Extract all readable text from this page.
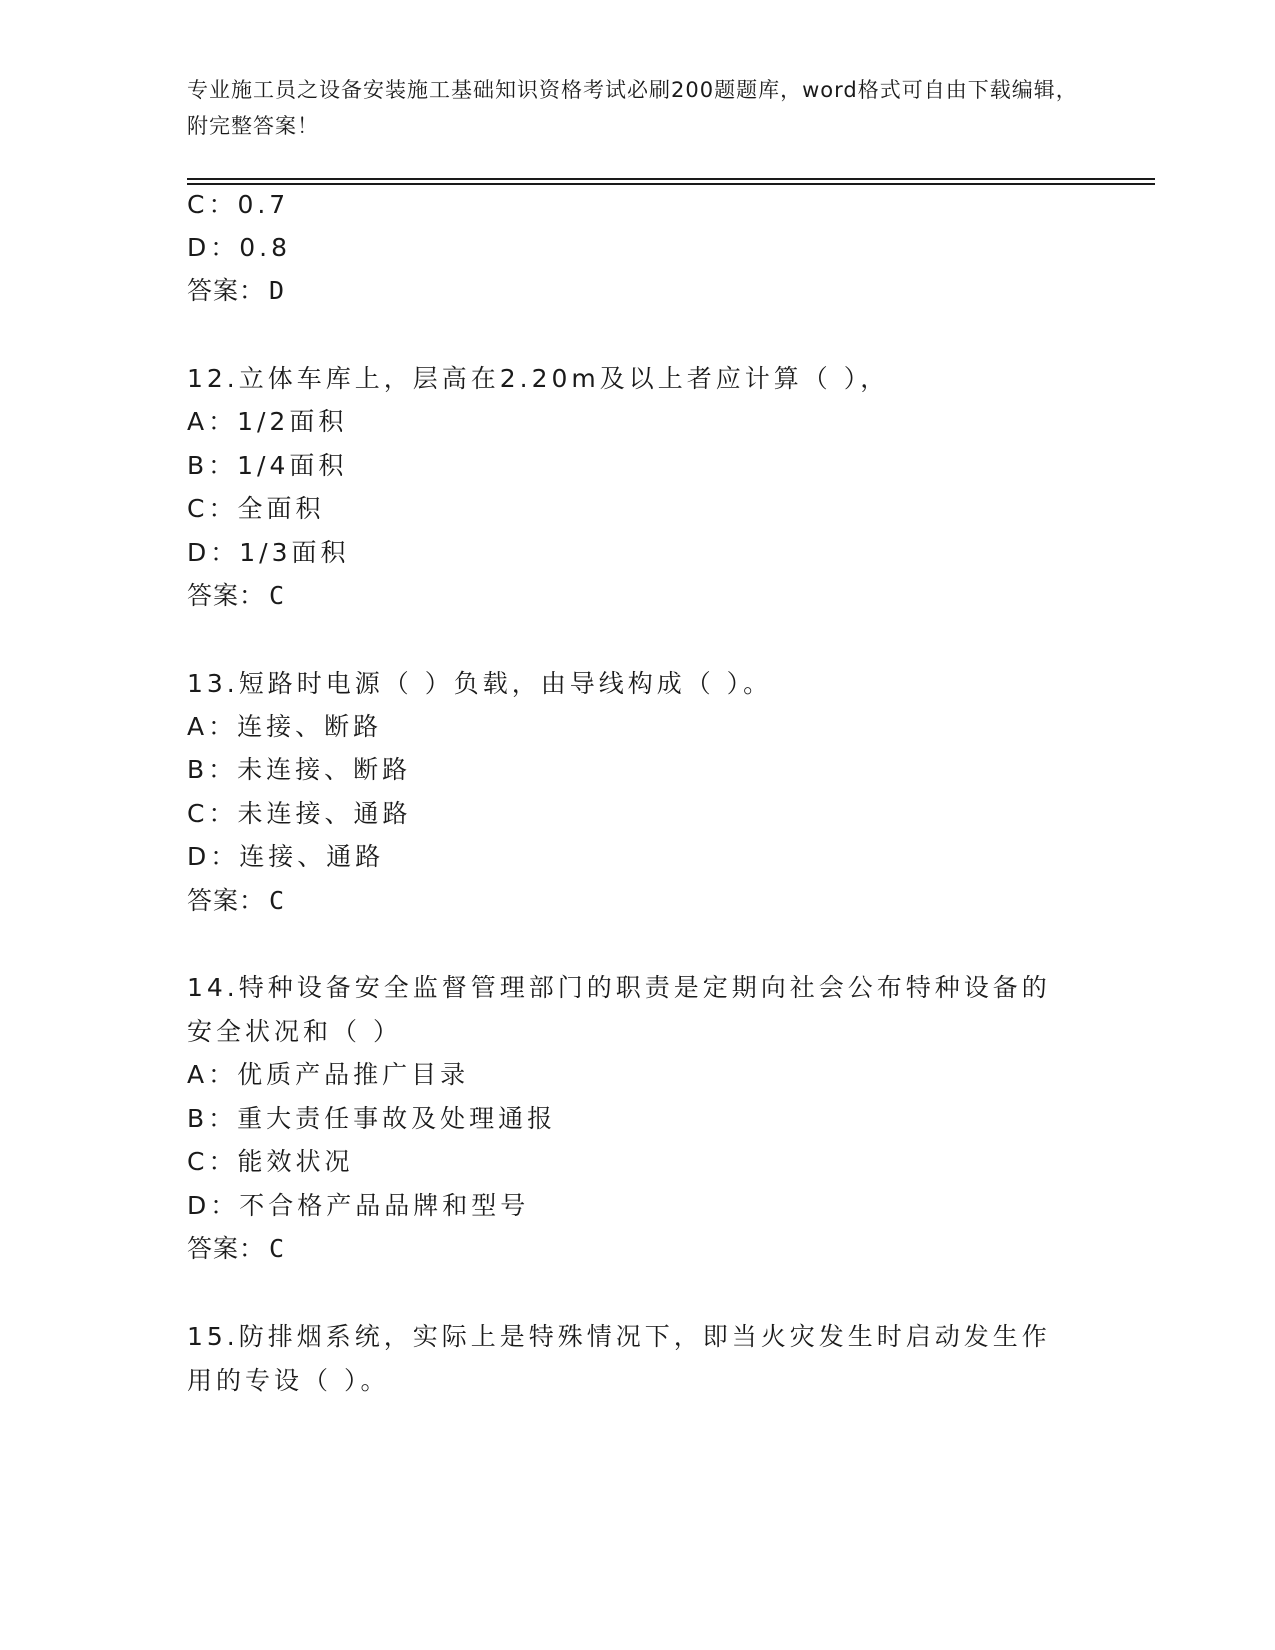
专业施工员之设备安装施工基础知识资格考试必刷200题题库，word格式可自由下载编辑，附完整答案！

C：0.7

D：0.8

答案： D

12.立体车库上，层高在2.20m及以上者应计算（ ），

A：1/2面积

B：1/4面积

C：全面积

D：1/3面积

答案： C

13.短路时电源（ ）负载，由导线构成（ ）。

A：连接、断路

B：未连接、断路

C：未连接、通路

D：连接、通路

答案： C

14.特种设备安全监督管理部门的职责是定期向社会公布特种设备的安全状况和（ ）

A：优质产品推广目录

B：重大责任事故及处理通报

C：能效状况

D：不合格产品品牌和型号

答案： C

15.防排烟系统，实际上是特殊情况下，即当火灾发生时启动发生作用的专设（ ）。
